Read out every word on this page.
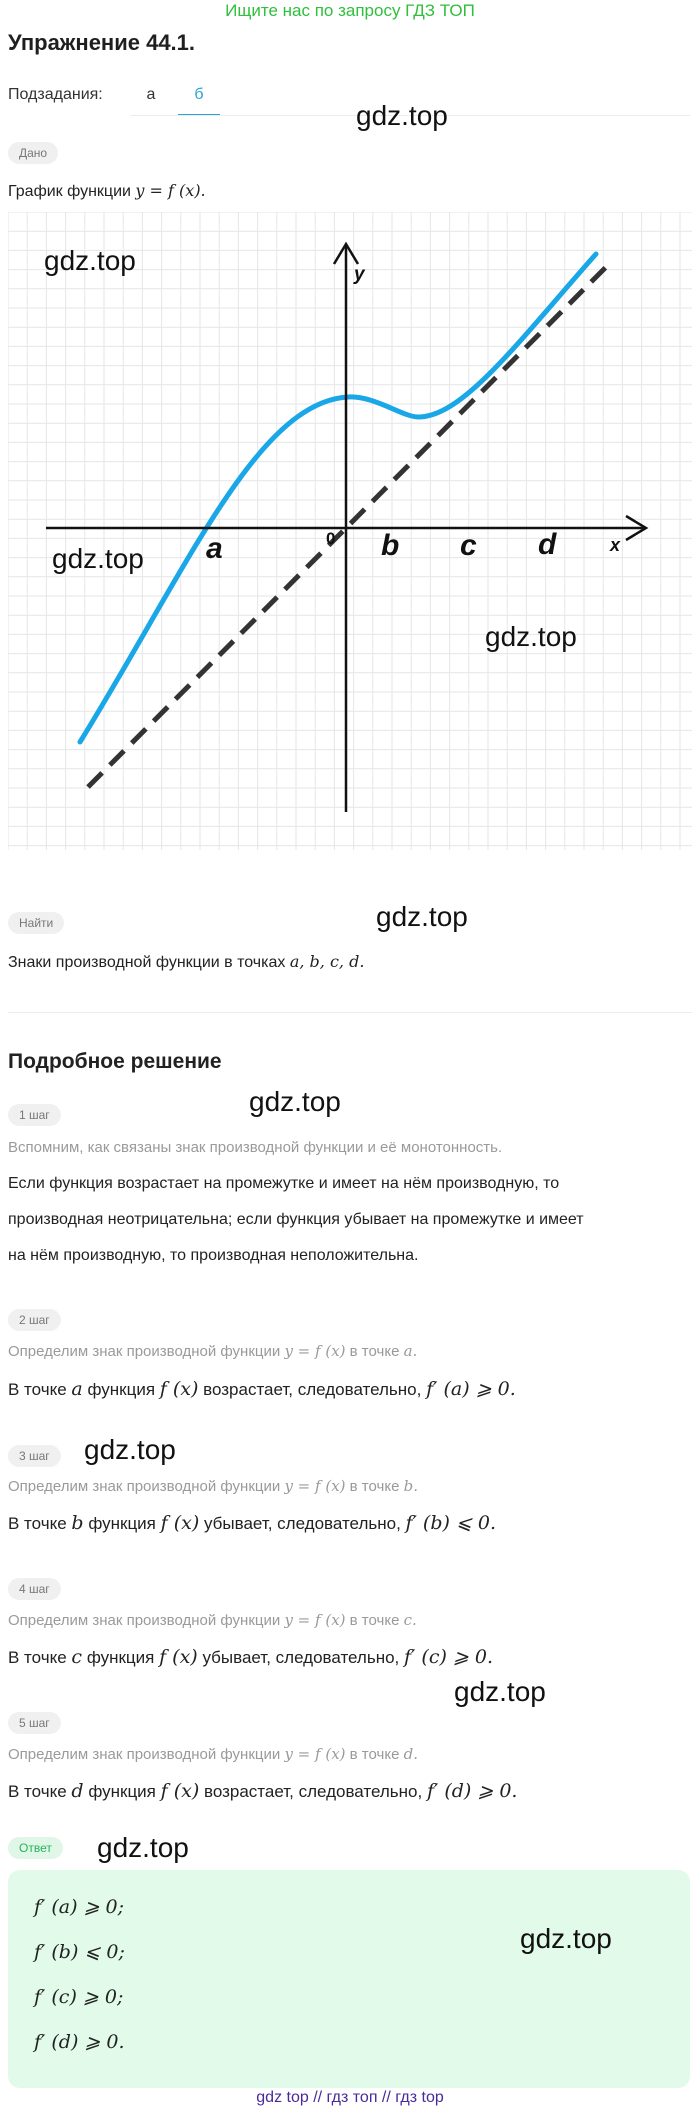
Ищите нас по запросу ГДЗ ТОП
Упражнение 44.1.
Подзадания:	а	б
Дано
График функции y = f (x).
y
x
0
a	b c d
gdz.top
gdz.top
gdz.top
gdz.top
gdz.top
Найти
Знаки производной функции в точках a, b, c, d.
Подробное решение
gdz.top
1 шаг
Вспомним, как связаны знак производной функции и её монотонность.
Если функция возрастает на промежутке и имеет на нём производную, то
производная неотрицательна; если функция убывает на промежутке и имеет
на нём производную, то производная неположительна.
2 шаг
Определим знак производной функции y = f (x) в точке a.
В точке a функция f (x) возрастает, следовательно, f′ (a) ⩾ 0.
gdz.top
3 шаг
Определим знак производной функции y = f (x) в точке b.
В точке b функция f (x) убывает, следовательно, f′ (b) ⩽ 0.
4 шаг
Определим знак производной функции y = f (x) в точке c.
В точке c функция f (x) убывает, следовательно, f′ (c) ⩾ 0.
gdz.top
5 шаг
Определим знак производной функции y = f (x) в точке d.
В точке d функция f (x) возрастает, следовательно, f′ (d) ⩾ 0.
Ответ	gdz.top
f′ (a) ⩾ 0;
f′ (b) ⩽ 0;
f′ (c) ⩾ 0;
f′ (d) ⩾ 0.
gdz.top
gdz top // гдз топ // гдз top
